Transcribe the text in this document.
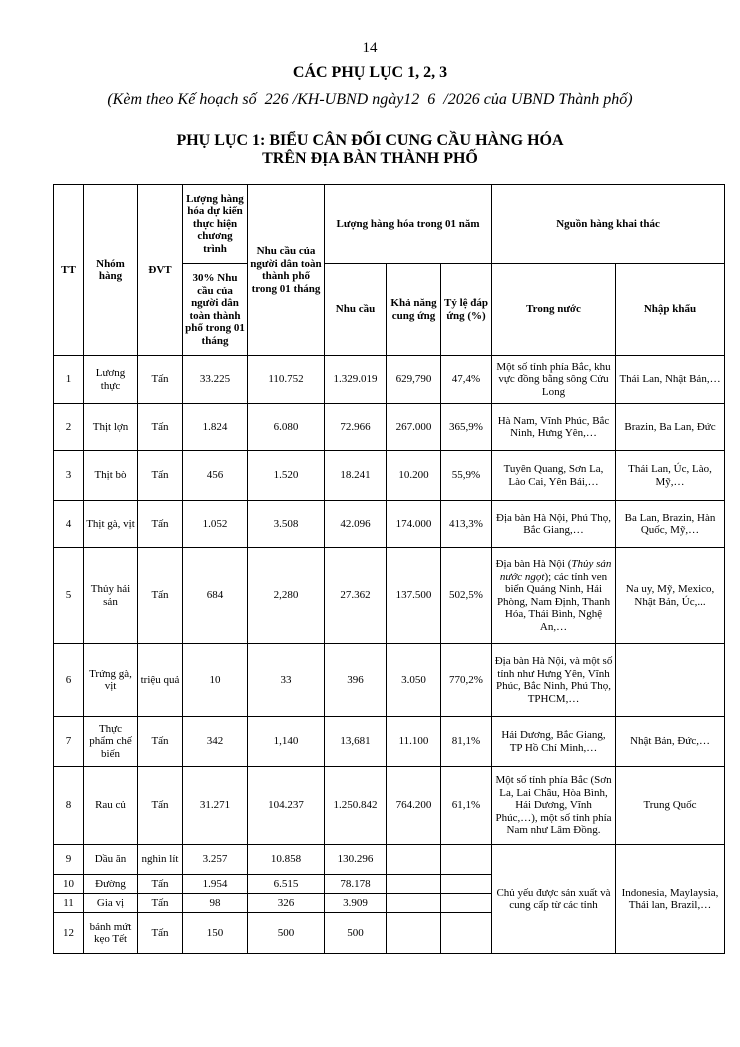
14
CÁC PHỤ LỤC 1, 2, 3
(Kèm theo Kế hoạch số  226 /KH-UBND ngày12  6  /2026 của UBND Thành phố)
PHỤ LỤC 1: BIỂU CÂN ĐỐI CUNG CẦU HÀNG HÓA
TRÊN ĐỊA BÀN THÀNH PHỐ
TT	Nhóm hàng	ĐVT	Lượng hàng hóa dự kiến thực hiện chương trình	Nhu cầu của người dân toàn thành phố trong 01 tháng	Lượng hàng hóa trong 01 năm			Nguồn hàng khai thác	
			30% Nhu cầu của người dân toàn thành phố trong 01 tháng		Nhu cầu	Khả năng cung ứng	Tỷ lệ đáp ứng (%)	Trong nước	Nhập khẩu
1	Lương thực	Tấn	33.225	110.752	1.329.019	629,790	47,4%	Một số tỉnh phía Bắc, khu vực đồng bằng sông Cửu Long	Thái Lan, Nhật Bản,…
2	Thịt lợn	Tấn	1.824	6.080	72.966	267.000	365,9%	Hà Nam, Vĩnh Phúc, Bắc Ninh, Hưng Yên,…	Brazin, Ba Lan, Đức
3	Thịt bò	Tấn	456	1.520	18.241	10.200	55,9%	Tuyên Quang, Sơn La, Lào Cai, Yên Bái,…	Thái Lan, Úc, Lào, Mỹ,…
4	Thịt gà, vịt	Tấn	1.052	3.508	42.096	174.000	413,3%	Địa bàn Hà Nội, Phú Thọ, Bắc Giang,…	Ba Lan, Brazin, Hàn Quốc, Mỹ,…
5	Thủy hải sản	Tấn	684	2,280	27.362	137.500	502,5%	Địa bàn Hà Nội (Thủy sản nước ngọt); các tỉnh ven biển Quảng Ninh, Hải Phòng, Nam Định, Thanh Hóa, Thái Bình, Nghệ An,…	Na uy, Mỹ, Mexico, Nhật Bản, Úc,...
6	Trứng gà, vịt	triệu quả	10	33	396	3.050	770,2%	Địa bàn Hà Nội, và một số tỉnh như Hưng Yên, Vĩnh Phúc, Bắc Ninh, Phú Thọ, TPHCM,…	
7	Thực phẩm chế biến	Tấn	342	1,140	13,681	11.100	81,1%	Hải Dương, Bắc Giang, TP Hồ Chí Minh,…	Nhật Bản, Đức,…
8	Rau củ	Tấn	31.271	104.237	1.250.842	764.200	61,1%	Một số tỉnh phía Bắc (Sơn La, Lai Châu, Hòa Bình, Hải Dương, Vĩnh Phúc,…), một số tỉnh phía Nam như Lâm Đồng.	Trung Quốc
9	Dầu ăn	nghìn lít	3.257	10.858	130.296			Chủ yếu được sản xuất và cung cấp từ các tỉnh	Indonesia, Maylaysia, Thái lan, Brazil,…
10	Đường	Tấn	1.954	6.515	78.178				
11	Gia vị	Tấn	98	326	3.909				
12	bánh mứt kẹo Tết	Tấn	150	500	500				
